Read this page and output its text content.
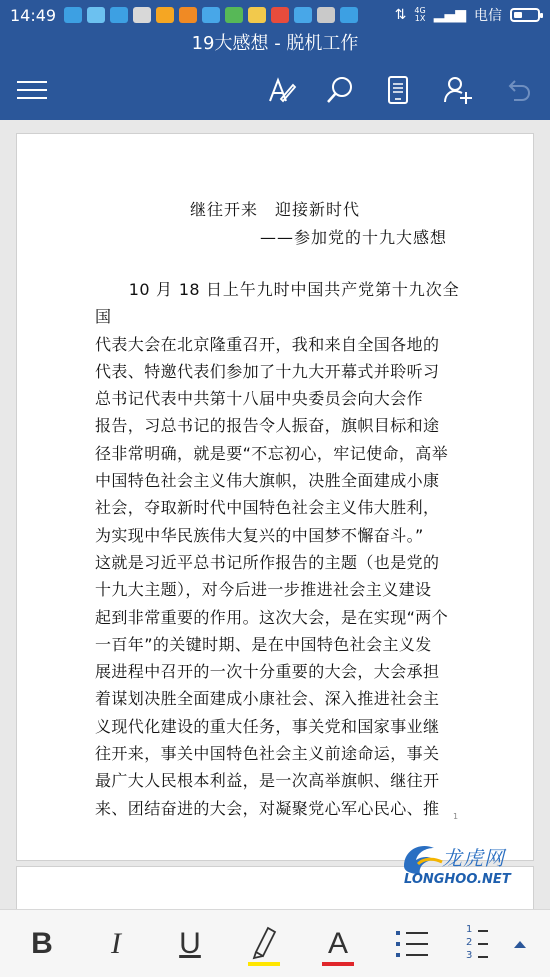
14:49	⇅ 4G
1X ▂▄▆ 电信
19大感想 - 脱机工作
继往开来　迎接新时代
——参加党的十九大感想
　　10 月 18 日上午九时中国共产党第十九次全国
代表大会在北京隆重召开，我和来自全国各地的
代表、特邀代表们参加了十九大开幕式并聆听习
总书记代表中共第十八届中央委员会向大会作
报告，习总书记的报告令人振奋，旗帜目标和途
径非常明确，就是要“不忘初心，牢记使命，高举
中国特色社会主义伟大旗帜，决胜全面建成小康
社会，夺取新时代中国特色社会主义伟大胜利，
为实现中华民族伟大复兴的中国梦不懈奋斗。”
这就是习近平总书记所作报告的主题（也是党的
十九大主题），对今后进一步推进社会主义建设
起到非常重要的作用。这次大会，是在实现“两个
一百年”的关键时期、是在中国特色社会主义发
展进程中召开的一次十分重要的大会，大会承担
着谋划决胜全面建成小康社会、深入推进社会主
义现代化建设的重大任务，事关党和国家事业继
往开来，事关中国特色社会主义前途命运，事关
最广大人民根本利益，是一次高举旗帜、继往开
来、团结奋进的大会，对凝聚党心军心民心、推	1
龙虎网
LONGHOO.NET
B I U	A	1
2
3
